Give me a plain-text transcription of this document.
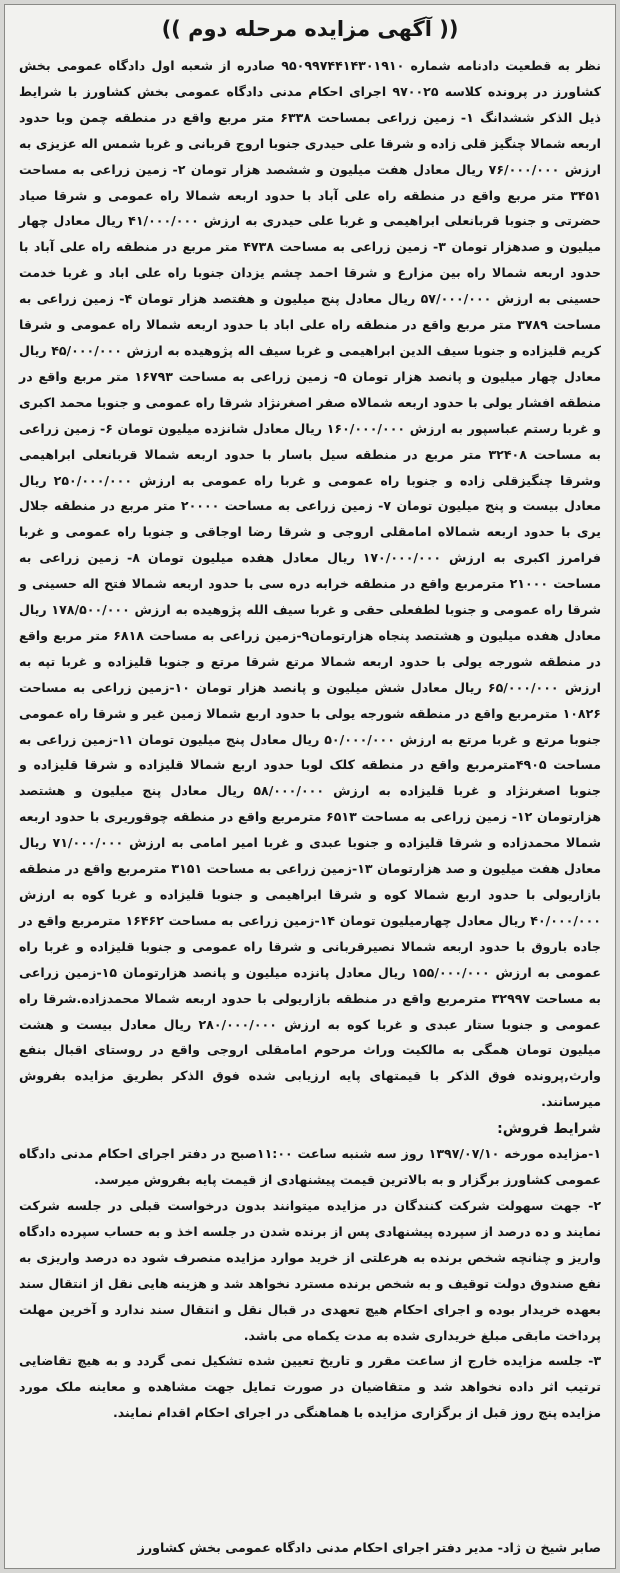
(( آگهی مزایده مرحله دوم ))
نظر به قطعیت دادنامه شماره ۹۵۰۹۹۷۴۴۱۴۳۰۱۹۱۰ صادره از شعبه اول دادگاه عمومی بخش کشاورز در پرونده کلاسه ۹۷۰۰۲۵ اجرای احکام مدنی دادگاه عمومی بخش کشاورز با شرایط ذیل الذکر ششدانگ ۱- زمین زراعی بمساحت ۶۳۳۸ متر مربع واقع در منطقه چمن وبا حدود اربعه شمالا چنگیز قلی زاده و شرقا علی حیدری جنوبا اروج قربانی و غربا شمس اله عزیزی به ارزش ۷۶/۰۰۰/۰۰۰ ریال معادل هفت میلیون و ششصد هزار تومان ۲- زمین زراعی به مساحت ۳۴۵۱ متر مربع واقع در منطقه راه علی آباد با حدود اربعه شمالا راه عمومی و شرقا صیاد حضرتی و جنوبا قربانعلی ابراهیمی و غربا علی حیدری به ارزش ۴۱/۰۰۰/۰۰۰ ریال معادل چهار میلیون و صدهزار تومان ۳- زمین زراعی به مساحت ۴۷۳۸ متر مربع در منطقه راه علی آباد با حدود اربعه شمالا راه بین مزارع و شرقا احمد چشم یزدان جنوبا راه علی اباد و غربا خدمت حسینی به ارزش ۵۷/۰۰۰/۰۰۰ ریال معادل پنج میلیون و هفتصد هزار تومان ۴- زمین زراعی به مساحت ۳۷۸۹ متر مربع واقع در منطقه راه علی اباد با حدود اربعه شمالا راه عمومی و شرقا کریم قلیزاده و جنوبا سیف الدین ابراهیمی و غربا سیف اله پژوهیده به ارزش ۴۵/۰۰۰/۰۰۰ ریال معادل چهار میلیون و پانصد هزار تومان ۵- زمین زراعی به مساحت ۱۶۷۹۳ متر مربع واقع در منطقه افشار یولی با حدود اربعه شمالاه صفر اصغرنژاد شرقا راه عمومی و جنوبا محمد اکبری و غربا رستم عباسپور به ارزش ۱۶۰/۰۰۰/۰۰۰ ریال معادل شانزده میلیون تومان ۶- زمین زراعی به مساحت ۳۲۴۰۸ متر مربع در منطقه سیل باسار با حدود اربعه شمالا قربانعلی ابراهیمی وشرقا چنگیزقلی زاده و جنوبا راه عمومی و غربا راه عمومی به ارزش ۲۵۰/۰۰۰/۰۰۰ ریال معادل بیست و پنج میلیون تومان ۷- زمین زراعی به مساحت ۲۰۰۰۰ متر مربع در منطقه جلال یری با حدود اربعه شمالاه امامقلی اروجی و شرقا رضا اوجاقی و جنوبا راه عمومی و غربا فرامرز اکبری به ارزش ۱۷۰/۰۰۰/۰۰۰ ریال معادل هفده میلیون تومان ۸- زمین زراعی به مساحت ۲۱۰۰۰ مترمربع واقع در منطقه خرابه دره سی با حدود اربعه شمالا فتح اله حسینی و شرقا راه عمومی و جنوبا لطفعلی حقی و غربا سیف الله پژوهیده به ارزش ۱۷۸/۵۰۰/۰۰۰ ریال معادل هفده میلیون و هشتصد پنجاه هزارتومان۹-زمین زراعی به مساحت ۶۸۱۸ متر مربع واقع در منطقه شورجه یولی با حدود اربعه شمالا مرتع شرقا مرتع و جنوبا قلیزاده و غربا تپه به ارزش ۶۵/۰۰۰/۰۰۰ ریال معادل شش میلیون و پانصد هزار تومان ۱۰-زمین زراعی به مساحت ۱۰۸۲۶ مترمربع واقع در منطقه شورجه یولی با حدود اربع شمالا زمین غیر و شرقا راه عمومی جنوبا مرتع و غربا مرتع به ارزش ۵۰/۰۰۰/۰۰۰ ریال معادل پنج میلیون تومان ۱۱-زمین زراعی به مساحت ۴۹۰۵مترمربع واقع در منطقه کلک لوبا حدود اربع شمالا قلیزاده و شرقا قلیزاده و جنوبا اصغرنژاد و غربا قلیزاده به ارزش ۵۸/۰۰۰/۰۰۰ ریال معادل پنج میلیون و هشتصد هزارتومان ۱۲- زمین زراعی به مساحت ۶۵۱۳ مترمربع واقع در منطقه چوقوریری با حدود اربعه شمالا محمدزاده و شرقا قلیزاده و جنوبا عبدی و غربا امیر امامی به ارزش ۷۱/۰۰۰/۰۰۰ ریال معادل هفت میلیون و صد هزارتومان ۱۳-زمین زراعی به مساحت ۳۱۵۱ مترمربع واقع در منطقه بازاریولی با حدود اربع شمالا کوه و شرقا ابراهیمی و جنوبا قلیزاده و غربا کوه به ارزش ۴۰/۰۰۰/۰۰۰ ریال معادل چهارمیلیون تومان ۱۴-زمین زراعی به مساحت ۱۶۴۶۲ مترمربع واقع در جاده باروق با حدود اربعه شمالا نصیرقربانی و شرقا راه عمومی و جنوبا قلیزاده و غربا راه عمومی به ارزش ۱۵۵/۰۰۰/۰۰۰ ریال معادل پانزده میلیون و پانصد هزارتومان ۱۵-زمین زراعی به مساحت ۳۲۹۹۷ مترمربع واقع در منطقه بازاریولی با حدود اربعه شمالا محمدزاده.شرقا راه عمومی و جنوبا ستار عبدی و غربا کوه به ارزش ۲۸۰/۰۰۰/۰۰۰ ریال معادل بیست و هشت میلیون تومان همگی به مالکیت وراث مرحوم امامقلی اروجی واقع در روستای اقبال بنفع وارث,پرونده فوق الذکر با قیمتهای پایه ارزیابی شده فوق الذکر بطریق مزایده بفروش میرسانند.
شرایط فروش:
۱-مزایده مورخه ۱۳۹۷/۰۷/۱۰ روز سه شنبه ساعت ۱۱:۰۰صبح در دفتر اجرای احکام مدنی دادگاه عمومی کشاورز برگزار و به بالاترین قیمت پیشنهادی از قیمت پایه بفروش میرسد.
۲- جهت سهولت شرکت کنندگان در مزایده میتوانند بدون درخواست قبلی در جلسه شرکت نمایند و ده درصد از سپرده پیشنهادی پس از برنده شدن در جلسه اخذ و به حساب سپرده دادگاه واریز و چنانچه شخص برنده به هرعلتی از خرید موارد مزایده منصرف شود ده درصد واریزی به نفع صندوق دولت توقیف و به شخص برنده مسترد نخواهد شد و هزینه هایی نقل از انتقال سند بعهده خریدار بوده و اجرای احکام هیچ تعهدی در قبال نقل و انتقال سند ندارد و آخرین مهلت پرداخت مابقی مبلغ خریداری شده به مدت یکماه می باشد.
۳- جلسه مزایده خارج از ساعت مقرر و تاریخ تعیین شده تشکیل نمی گردد و به هیچ تقاضایی ترتیب اثر داده نخواهد شد و متقاضیان در صورت تمایل جهت مشاهده و معاینه ملک مورد مزایده پنج روز قبل از برگزاری مزایده با هماهنگی در اجرای احکام اقدام نمایند.
صابر شیخ ن ژاد- مدیر دفتر اجرای احکام مدنی دادگاه عمومی بخش کشاورز
